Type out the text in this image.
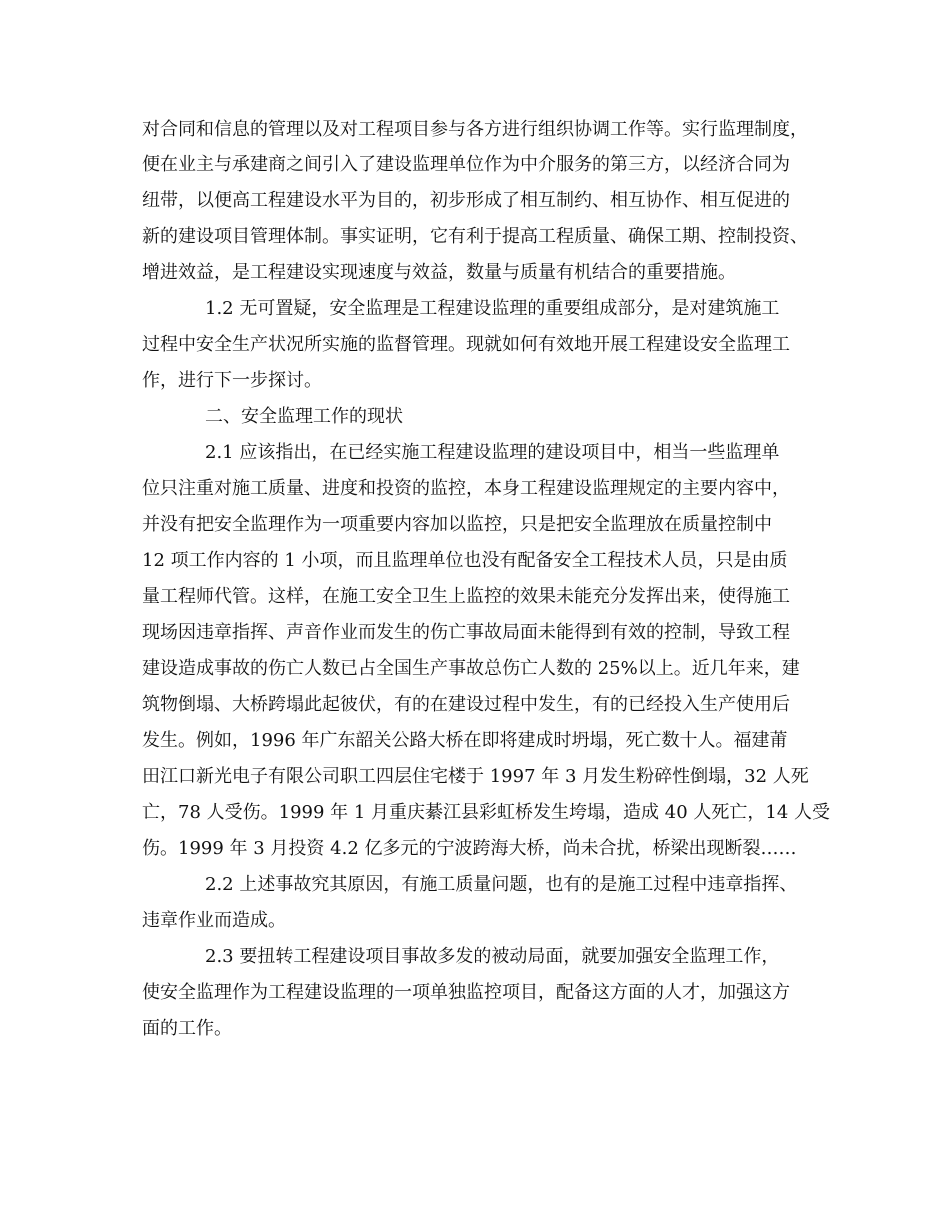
对合同和信息的管理以及对工程项目参与各方进行组织协调工作等。实行监理制度，
便在业主与承建商之间引入了建设监理单位作为中介服务的第三方，以经济合同为
纽带，以便高工程建设水平为目的，初步形成了相互制约、相互协作、相互促进的
新的建设项目管理体制。事实证明，它有利于提高工程质量、确保工期、控制投资、
增进效益，是工程建设实现速度与效益，数量与质量有机结合的重要措施。
1.2 无可置疑，安全监理是工程建设监理的重要组成部分，是对建筑施工
过程中安全生产状况所实施的监督管理。现就如何有效地开展工程建设安全监理工
作，进行下一步探讨。
二、安全监理工作的现状
2.1 应该指出，在已经实施工程建设监理的建设项目中，相当一些监理单
位只注重对施工质量、进度和投资的监控，本身工程建设监理规定的主要内容中，
并没有把安全监理作为一项重要内容加以监控，只是把安全监理放在质量控制中
12 项工作内容的 1 小项，而且监理单位也没有配备安全工程技术人员，只是由质
量工程师代管。这样，在施工安全卫生上监控的效果未能充分发挥出来，使得施工
现场因违章指挥、声音作业而发生的伤亡事故局面未能得到有效的控制，导致工程
建设造成事故的伤亡人数已占全国生产事故总伤亡人数的 25%以上。近几年来，建
筑物倒塌、大桥跨塌此起彼伏，有的在建设过程中发生，有的已经投入生产使用后
发生。例如，1996 年广东韶关公路大桥在即将建成时坍塌，死亡数十人。福建莆
田江口新光电子有限公司职工四层住宅楼于 1997 年 3 月发生粉碎性倒塌，32 人死
亡，78 人受伤。1999 年 1 月重庆綦江县彩虹桥发生垮塌，造成 40 人死亡，14 人受
伤。1999 年 3 月投资 4.2 亿多元的宁波跨海大桥，尚未合扰，桥梁出现断裂……
2.2 上述事故究其原因，有施工质量问题，也有的是施工过程中违章指挥、
违章作业而造成。
2.3 要扭转工程建设项目事故多发的被动局面，就要加强安全监理工作，
使安全监理作为工程建设监理的一项单独监控项目，配备这方面的人才，加强这方
面的工作。
